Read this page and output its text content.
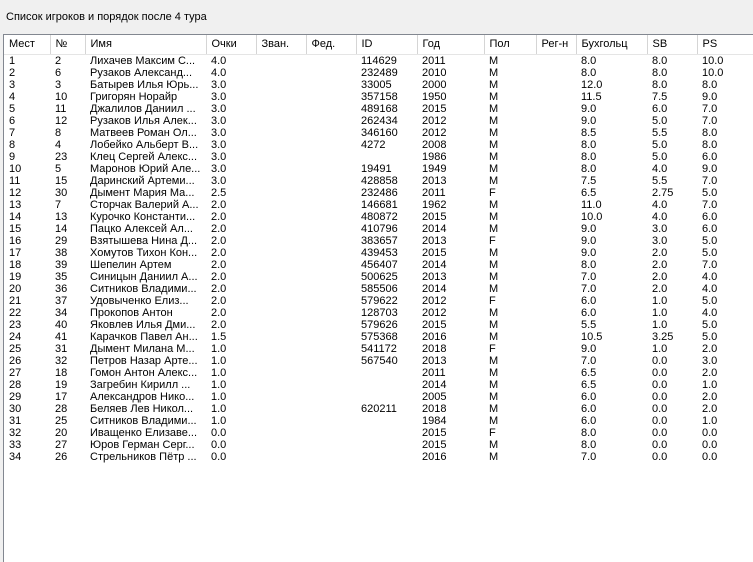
Список игроков и порядок после 4 тура
Мест	№	Имя	Очки	Зван.	Фед.	ID	Год	Пол	Рег-н	Бухгольц	SB	PS
1	2	Лихачев Максим С...	4.0			114629	2011	M		8.0	8.0	10.0
2	6	Рузаков Александ...	4.0			232489	2010	M		8.0	8.0	10.0
3	3	Батырев Илья Юрь...	3.0			33005	2000	M		12.0	8.0	8.0
4	10	Григорян Норайр	3.0			357158	1950	M		11.5	7.5	9.0
5	11	Джалилов Даниил ...	3.0			489168	2015	M		9.0	6.0	7.0
6	12	Рузаков Илья Алек...	3.0			262434	2012	M		9.0	5.0	7.0
7	8	Матвеев Роман Ол...	3.0			346160	2012	M		8.5	5.5	8.0
8	4	Лобейко Альберт В...	3.0			4272	2008	M		8.0	5.0	8.0
9	23	Клец Сергей Алекс...	3.0				1986	M		8.0	5.0	6.0
10	5	Маронов Юрий Але...	3.0			19491	1949	M		8.0	4.0	9.0
11	15	Даринский Артеми...	3.0			428858	2013	M		7.5	5.5	7.0
12	30	Дымент Мария Ма...	2.5			232486	2011	F		6.5	2.75	5.0
13	7	Сторчак Валерий А...	2.0			146681	1962	M		11.0	4.0	7.0
14	13	Курочко Константи...	2.0			480872	2015	M		10.0	4.0	6.0
15	14	Пацко Алексей Ал...	2.0			410796	2014	M		9.0	3.0	6.0
16	29	Взятышева Нина Д...	2.0			383657	2013	F		9.0	3.0	5.0
17	38	Хомутов Тихон Кон...	2.0			439453	2015	M		9.0	2.0	5.0
18	39	Шепелин Артем	2.0			456407	2014	M		8.0	2.0	7.0
19	35	Синицын Даниил А...	2.0			500625	2013	M		7.0	2.0	4.0
20	36	Ситников Владими...	2.0			585506	2014	M		7.0	2.0	4.0
21	37	Удовыченко Елиз...	2.0			579622	2012	F		6.0	1.0	5.0
22	34	Прокопов Антон	2.0			128703	2012	M		6.0	1.0	4.0
23	40	Яковлев Илья Дми...	2.0			579626	2015	M		5.5	1.0	5.0
24	41	Карачков Павел Ан...	1.5			575368	2016	M		10.5	3.25	5.0
25	31	Дымент Милана М...	1.0			541172	2018	F		9.0	1.0	2.0
26	32	Петров Назар Арте...	1.0			567540	2013	M		7.0	0.0	3.0
27	18	Гомон Антон Алекс...	1.0				2011	M		6.5	0.0	2.0
28	19	Загребин Кирилл ...	1.0				2014	M		6.5	0.0	1.0
29	17	Александров Нико...	1.0				2005	M		6.0	0.0	2.0
30	28	Беляев Лев Никол...	1.0			620211	2018	M		6.0	0.0	2.0
31	25	Ситников Владими...	1.0				1984	M		6.0	0.0	1.0
32	20	Иващенко Елизаве...	0.0				2015	F		8.0	0.0	0.0
33	27	Юров Герман Серг...	0.0				2015	M		8.0	0.0	0.0
34	26	Стрельников Пётр ...	0.0				2016	M		7.0	0.0	0.0
